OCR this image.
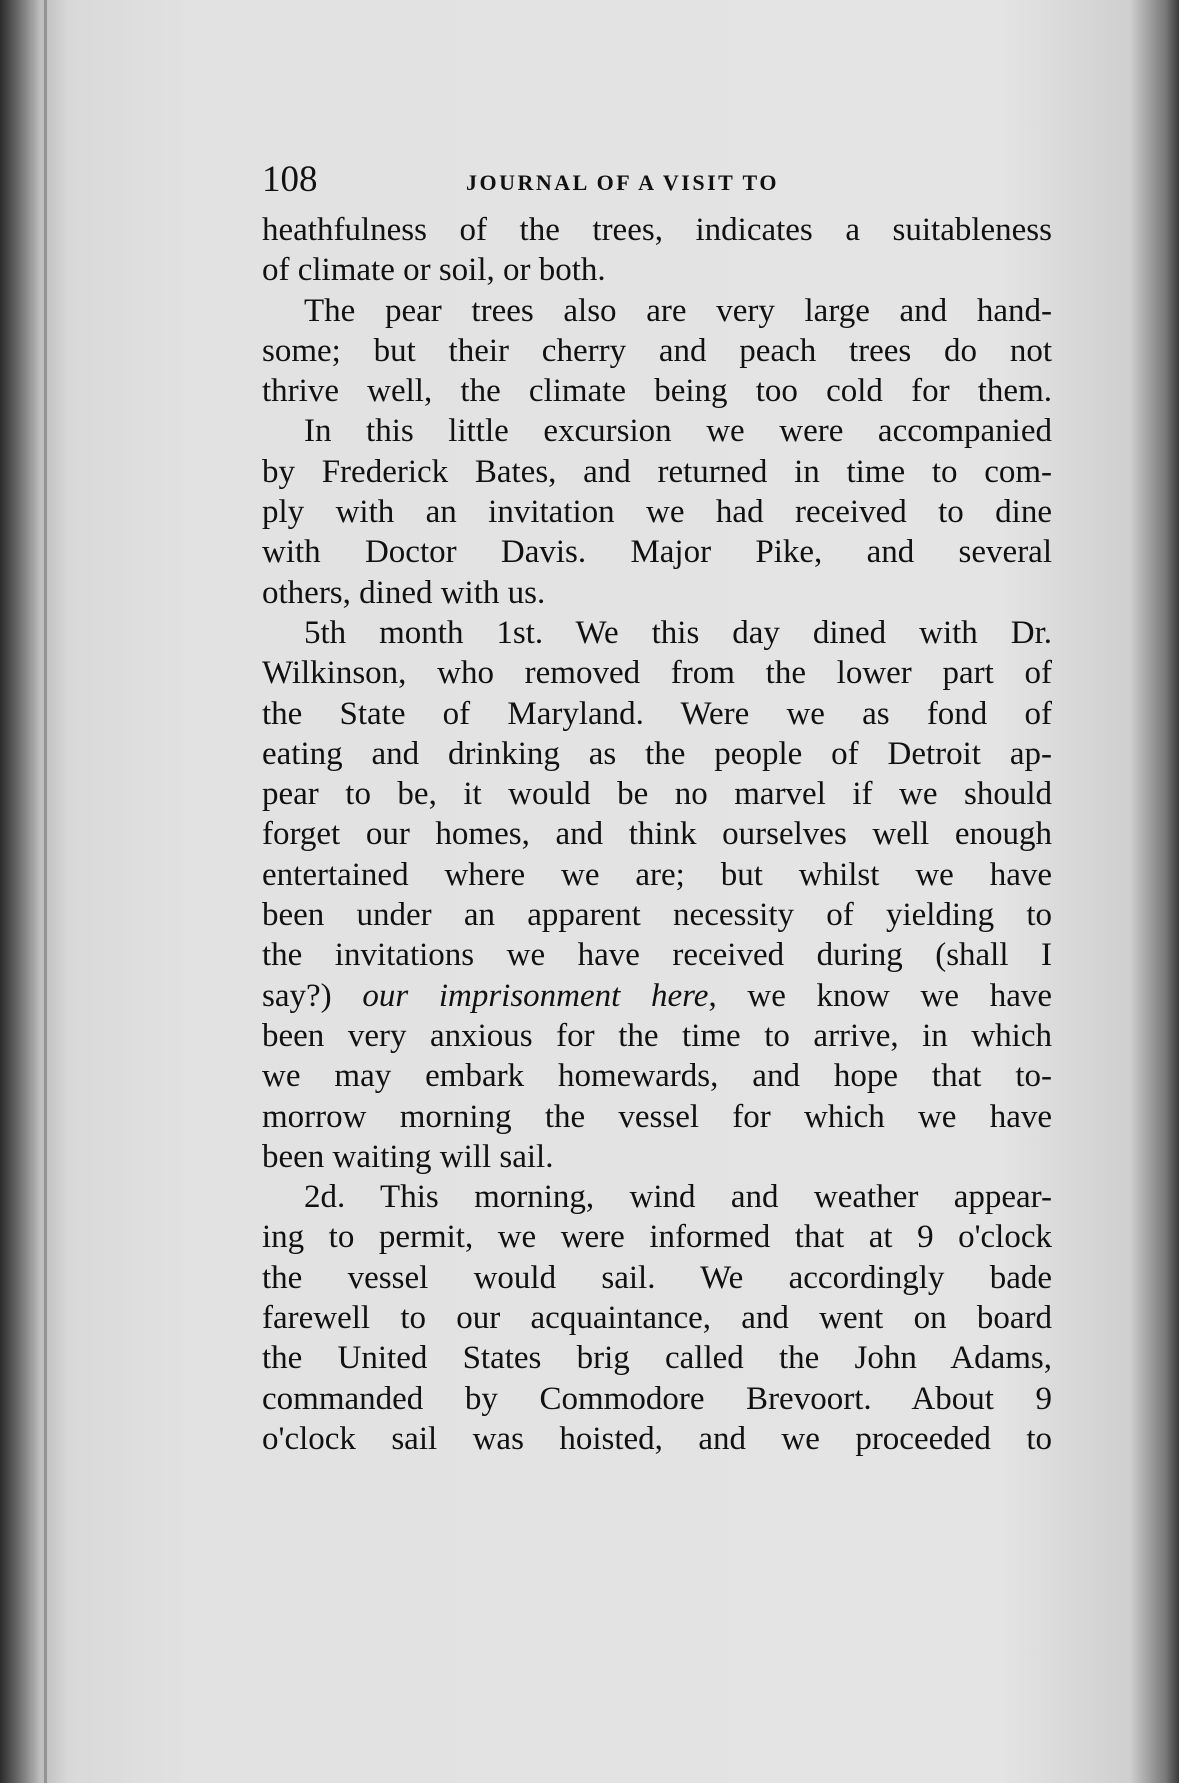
108	JOURNAL OF A VISIT TO
heathfulness of the trees, indicates a suitableness
of climate or soil, or both.
The pear trees also are very large and hand-
some; but their cherry and peach trees do not
thrive well, the climate being too cold for them.
In this little excursion we were accompanied
by Frederick Bates, and returned in time to com-
ply with an invitation we had received to dine
with Doctor Davis. Major Pike, and several
others, dined with us.
5th month 1st. We this day dined with Dr.
Wilkinson, who removed from the lower part of
the State of Maryland. Were we as fond of
eating and drinking as the people of Detroit ap-
pear to be, it would be no marvel if we should
forget our homes, and think ourselves well enough
entertained where we are; but whilst we have
been under an apparent necessity of yielding to
the invitations we have received during (shall I
say?) our imprisonment here, we know we have
been very anxious for the time to arrive, in which
we may embark homewards, and hope that to-
morrow morning the vessel for which we have
been waiting will sail.
2d. This morning, wind and weather appear-
ing to permit, we were informed that at 9 o'clock
the vessel would sail. We accordingly bade
farewell to our acquaintance, and went on board
the United States brig called the John Adams,
commanded by Commodore Brevoort. About 9
o'clock sail was hoisted, and we proceeded to
